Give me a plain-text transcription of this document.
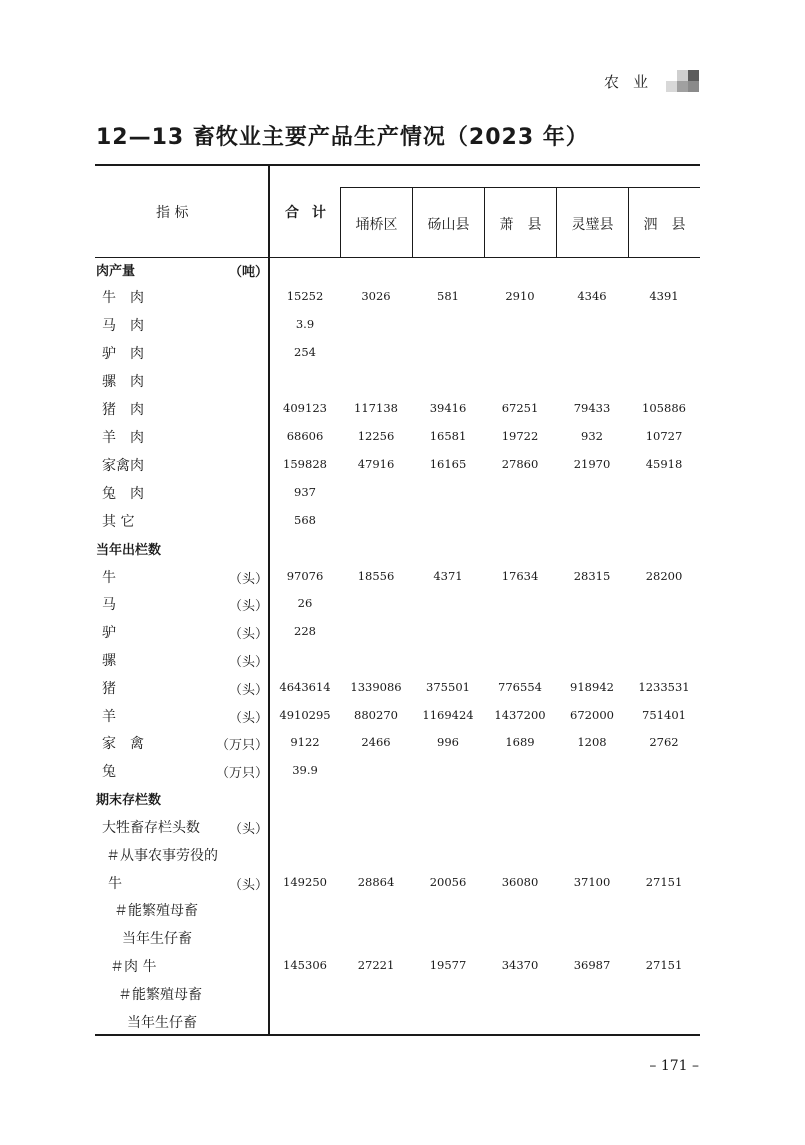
农业
12—13 畜牧业主要产品生产情况（2023 年）
指 标	合 计
埇桥区	砀山县	萧　县	灵璧县	泗　县
肉产量	（吨）
牛　肉	15252	3026	581	2910	4346	4391
马　肉	3.9
驴　肉	254
骡　肉
猪　肉	409123	117138	39416	67251	79433	105886
羊　肉	68606	12256	16581	19722	932	10727
家禽肉	159828	47916	16165	27860	21970	45918
兔　肉	937
其 它	568
当年出栏数
牛	（头）	97076	18556	4371	17634	28315	28200
马	（头）	26
驴	（头）	228
骡	（头）
猪	（头） 4643614	1339086	375501	776554	918942	1233531
羊	（头） 4910295	880270	1169424	1437200	672000	751401
家　禽	（万只）	9122	2466	996	1689	1208	2762
兔	（万只）	39.9
期末存栏数
大牲畜存栏头数 （头）
＃从事农事劳役的
牛	（头）	149250	28864	20056	36080	37100	27151
＃能繁殖母畜
当年生仔畜
＃肉 牛	145306	27221	19577	34370	36987	27151
＃能繁殖母畜
当年生仔畜
– 171 –
